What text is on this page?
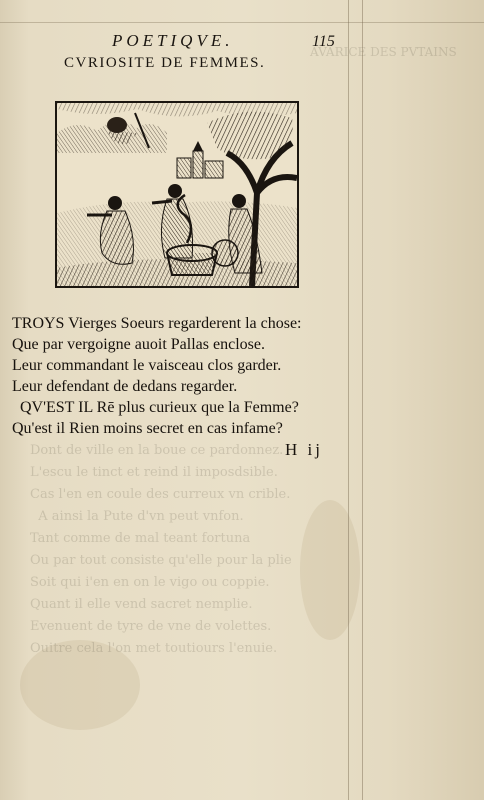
AVARICE DES PVTAINS
Dont de ville en la boue ce pardonnez.
L'escu le tinct et reind il imposdsible.
Cas l'en en coule des curreux vn crible.
A ainsi la Pute d'vn peut vnfon.
Tant comme de mal teant fortuna
Ou par tout consiste qu'elle pour la plie
Soit qui i'en en on le vigo ou coppie.
Quant il elle vend sacret nemplie.
Evenuent de tyre de vne de volettes.
Ouitre cela l'on met toutiours l'enuie.
POETIQVE.	115
CVRIOSITE DE FEMMES.
TROYS Vierges Soeurs regarderent la chose:
Que par vergoigne auoit Pallas enclose.
Leur commandant le vaisceau clos garder.
Leur defendant de dedans regarder.
QV'EST IL Rē plus curieux que la Femme?
Qu'est il Rien moins secret en cas infame?
H ij
